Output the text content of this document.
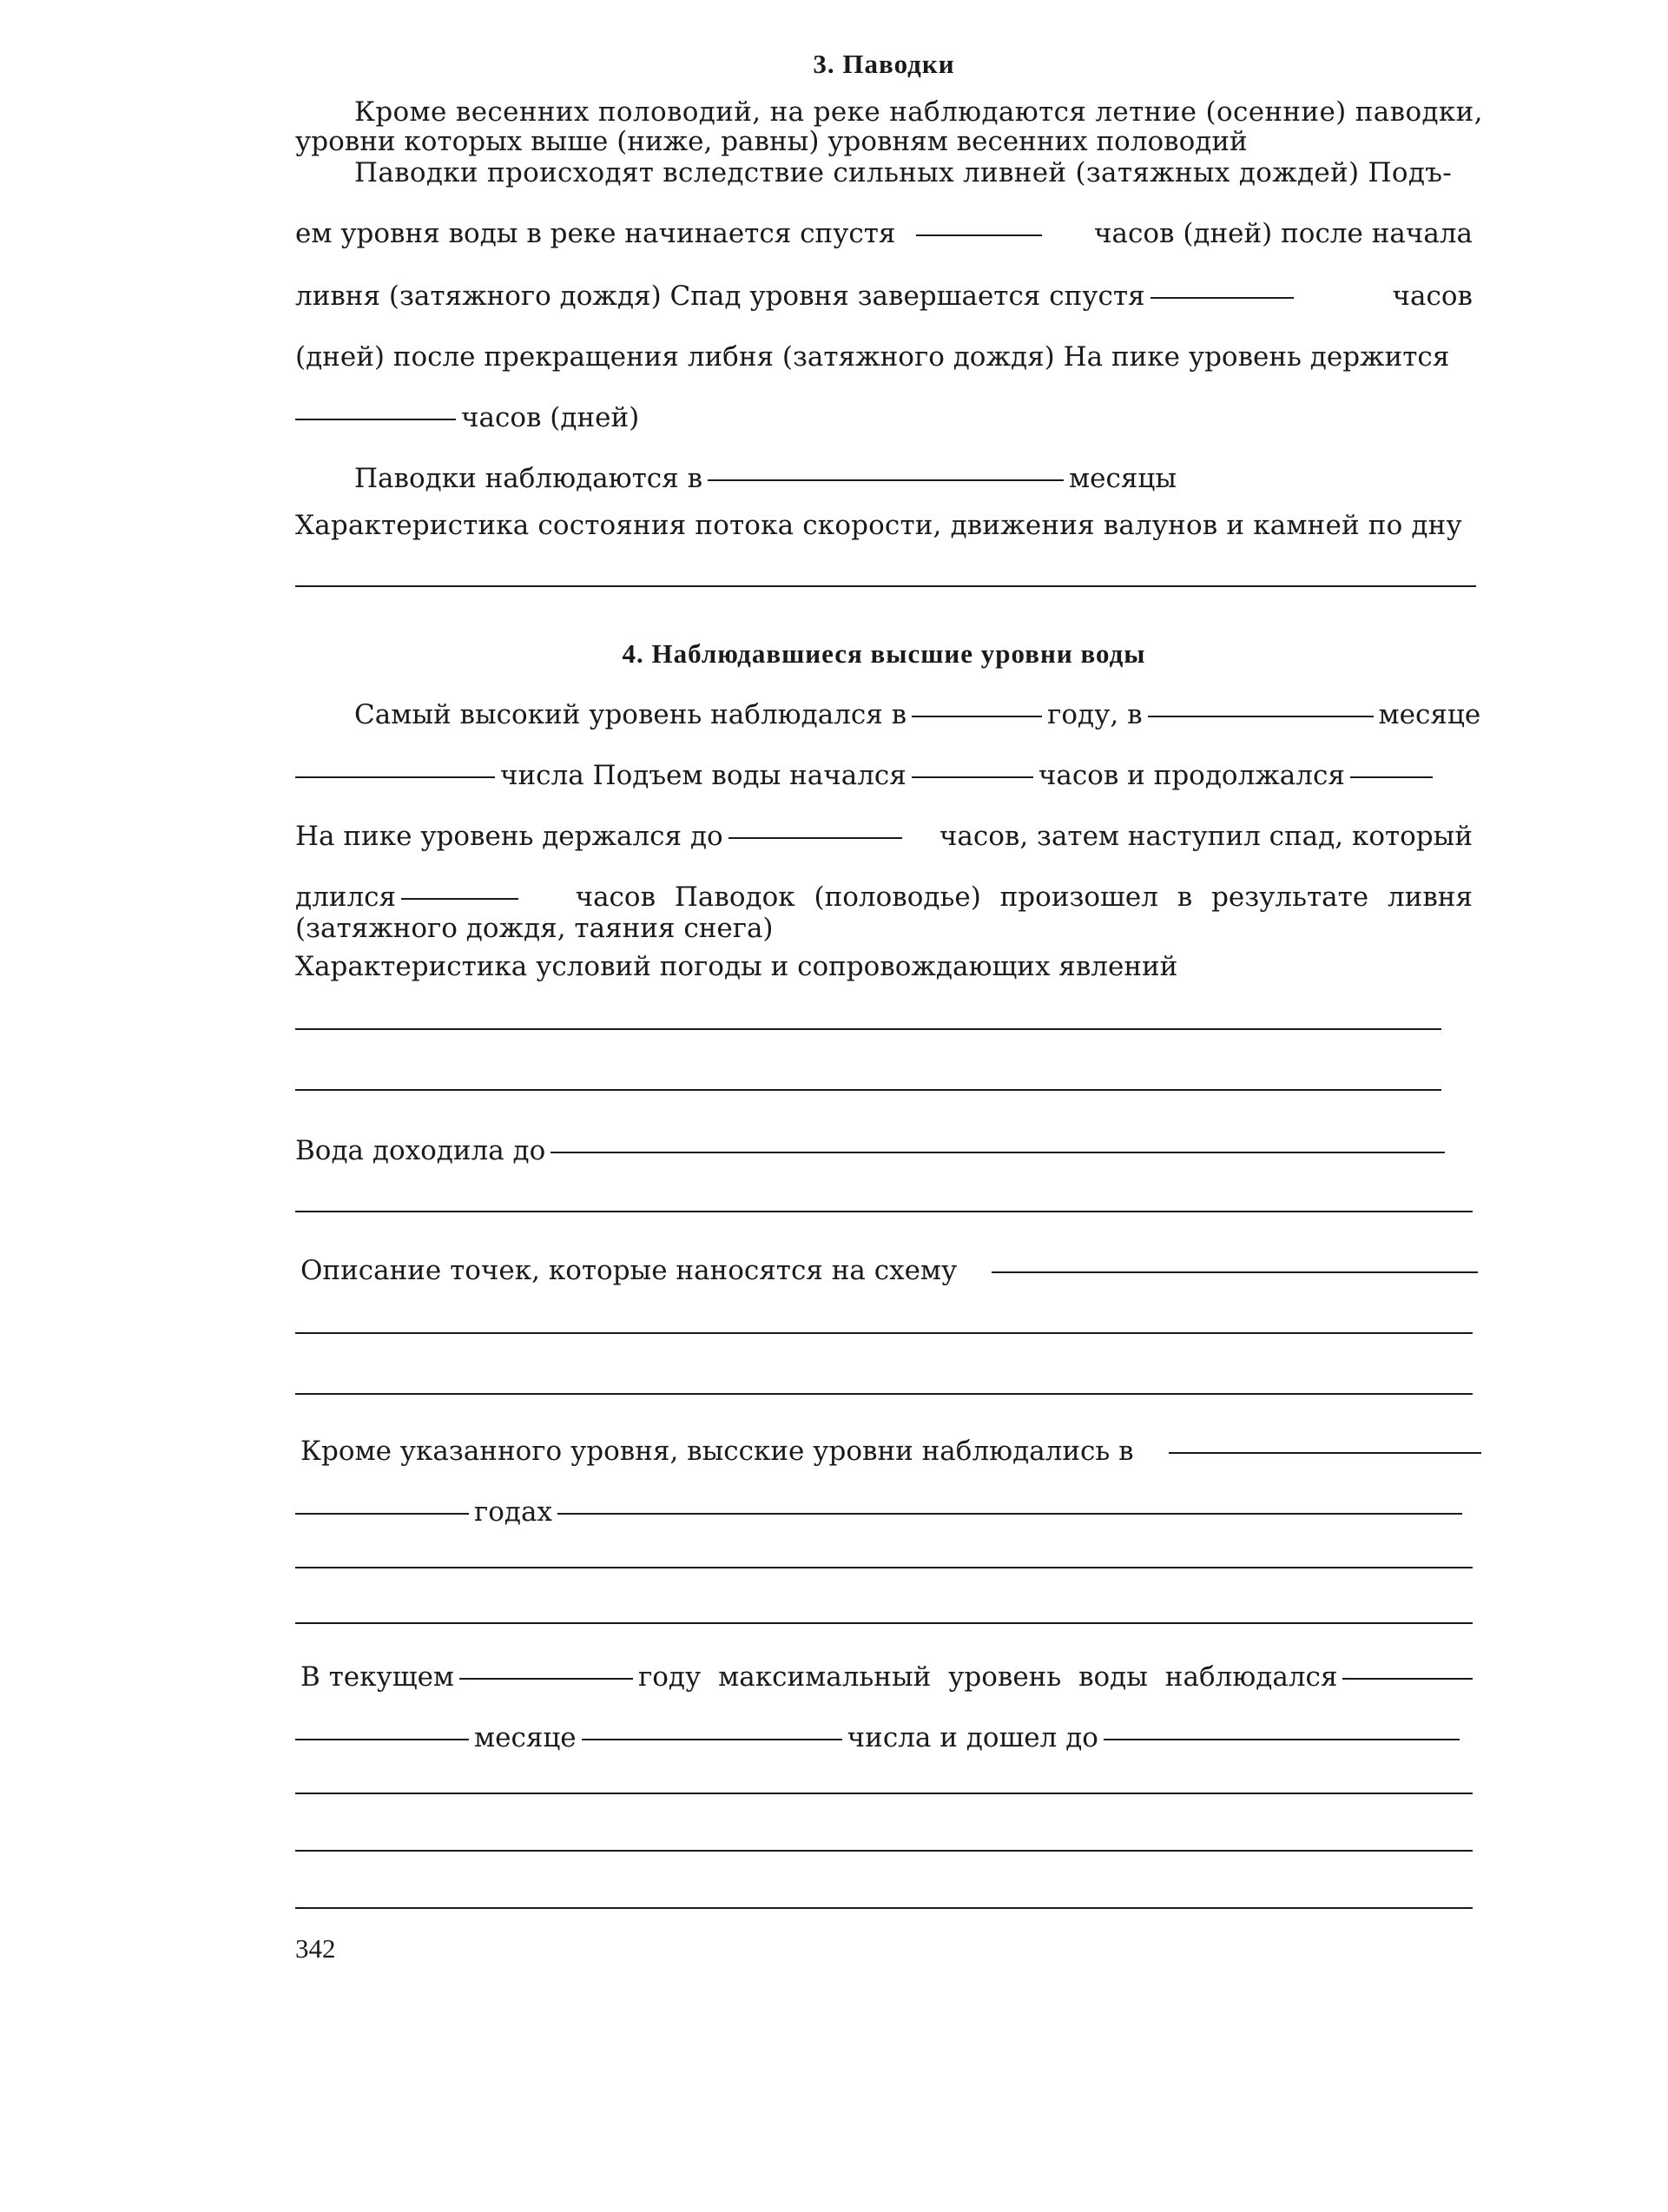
3. Паводки
Кроме весенних половодий, на реке наблюдаются летние (осенние) паводки,
уровни которых выше (ниже, равны) уровням весенних половодий
Паводки происходят вследствие сильных ливней (затяжных дождей) Подъ-
ем уровня воды в реке начинается спустя	часов (дней) после начала
ливня (затяжного дождя) Спад уровня завершается спустя	часов
(дней) после прекращения либня (затяжного дождя) На пике уровень держится
часов (дней)
Паводки наблюдаются в	месяцы
Характеристика состояния потока скорости, движения валунов и камней по дну
4. Наблюдавшиеся высшие уровни воды
Самый высокий уровень наблюдался в	году, в	месяце
числа Подъем воды начался	часов и продолжался
На пике уровень держался до	часов, затем наступил спад, который
длился	часов Паводок (половодье) произошел в результате ливня
(затяжного дождя, таяния снега)
Характеристика условий погоды и сопровождающих явлений
Вода доходила до
Описание точек, которые наносятся на схему
Кроме указанного уровня, высские уровни наблюдались в
годах
В текущем	году максимальный уровень воды наблюдался
месяце	числа и дошел до
342
